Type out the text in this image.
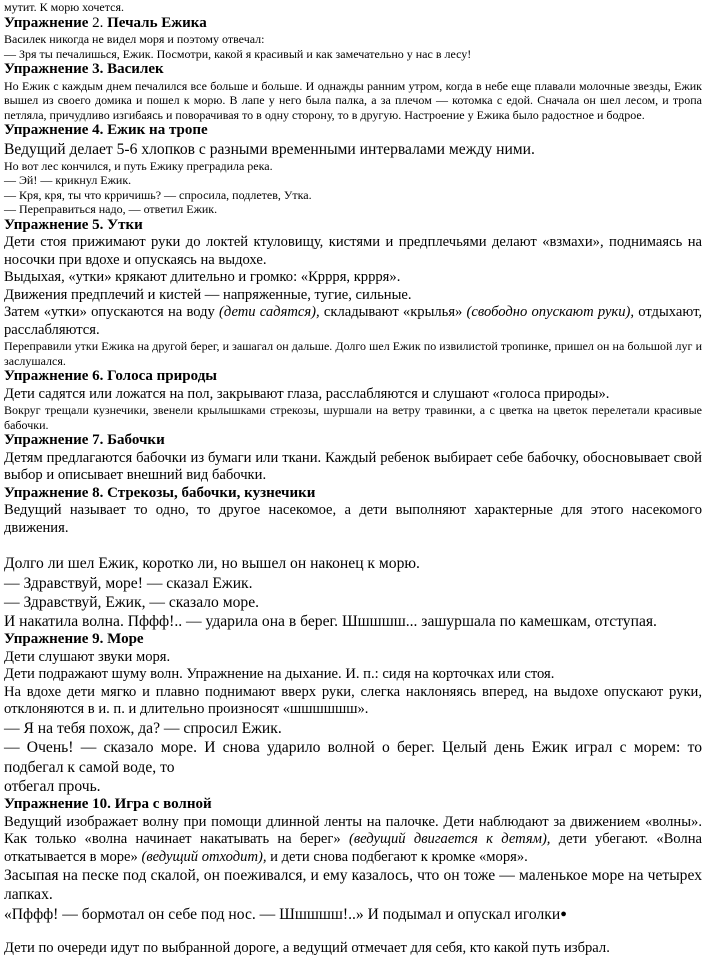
мутит. К морю хочется.

Упражнение 2. Печаль Ежика

Василек никогда не видел моря и поэтому отвечал:

— Зря ты печалишься, Ежик. Посмотри, какой я красивый и как замечательно у нас в лесу!

Упражнение 3. Василек

Но Ежик с каждым днем печалился все больше и больше. И однажды ранним утром, когда в небе еще плавали молочные звезды, Ежик вышел из своего домика и пошел к морю. В лапе у него была палка, а за плечом — котомка с едой. Сначала он шел лесом, и тропа петляла, причудливо изгибаясь и поворачивая то в одну сторону, то в другую. Настроение у Ежика было радостное и бодрое.

Упражнение 4. Ежик на тропе

Ведущий делает 5-6 хлопков с разными временными интервалами между ними.

Но вот лес кончился, и путь Ежику преградила река.

— Эй! — крикнул Ежик.

— Кря, кря, ты что крричишь? — спросила, подлетев, Утка.

— Переправиться надо, — ответил Ежик.

Упражнение 5. Утки

Дети стоя прижимают руки до локтей ктуловищу, кистями и предплечьями делают «взмахи», поднимаясь на носочки при вдохе и опускаясь на выдохе.

Выдыхая, «утки» крякают длительно и громко: «Кррря, кррря».

Движения предплечий и кистей — напряженные, тугие, сильные.

Затем «утки» опускаются на воду (дети садятся), складывают «крылья» (свободно опускают руки), отдыхают, расслабляются.

Переправили утки Ежика на другой берег, и зашагал он дальше. Долго шел Ежик по извилистой тропинке, пришел он на большой луг и заслушался.

Упражнение 6. Голоса природы

Дети садятся или ложатся на пол, закрывают глаза, расслабляются и слушают «голоса природы».

Вокруг трещали кузнечики, звенели крылышками стрекозы, шуршали на ветру травинки, а с цветка на цветок перелетали красивые бабочки.

Упражнение 7. Бабочки

Детям предлагаются бабочки из бумаги или ткани. Каждый ребенок выбирает себе бабочку, обосновывает свой выбор и описывает внешний вид бабочки.

Упражнение 8. Стрекозы, бабочки, кузнечики

Ведущий называет то одно, то другое насекомое, а дети выполняют характерные для этого насекомого движения.

Долго ли шел Ежик, коротко ли, но вышел он наконец к морю.

— Здравствуй, море! — сказал Ежик.

— Здравствуй, Ежик, — сказало море.

И накатила волна. Пффф!.. — ударила она в берег. Шшшшш... зашуршала по камешкам, отступая.

Упражнение 9. Море

Дети слушают звуки моря.

Дети подражают шуму волн. Упражнение на дыхание. И. п.: сидя на корточках или стоя.

На вдохе дети мягко и плавно поднимают вверх руки, слегка наклоняясь вперед, на выдохе опускают руки, отклоняются в и. п. и длительно произносят «шшшшшш».

— Я на тебя похож, да? — спросил Ежик.

— Очень! — сказало море. И снова ударило волной о берег. Целый день Ежик играл с морем: то подбегал к самой воде, то

отбегал прочь.

Упражнение 10. Игра с волной

Ведущий изображает волну при помощи длинной ленты на палочке. Дети наблюдают за движением «волны». Как только «волна начинает накатывать на берег» (ведущий двигается к детям), дети убегают. «Волна откатывается в море» (ведущий отходит), и дети снова подбегают к кромке «моря».

Засыпая на песке под скалой, он поеживался, и ему казалось, что он тоже — маленькое море на четырех лапках.

«Пффф! — бормотал он себе под нос. — Шшшшш!..» И подымал и опускал иголки●

Дети по очереди идут по выбранной дороге, а ведущий отмечает для себя, кто какой путь избрал.
